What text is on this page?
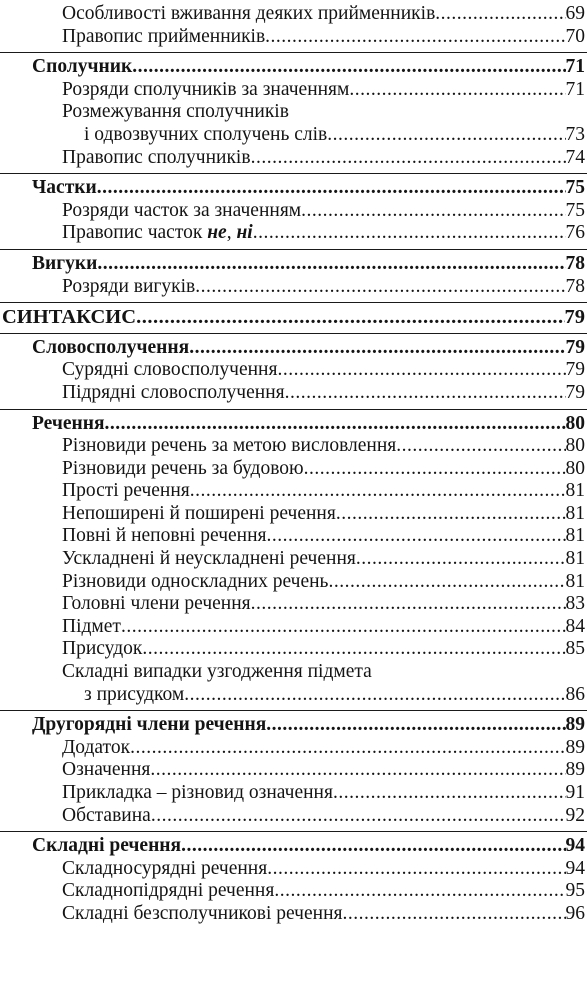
Особливості вживання деяких прийменників .....	69
Правопис прийменників .....	70
Сполучник .....	71
Розряди сполучників за значенням .....	71
Розмежування сполучників
і одвозвучних сполучень слів .....	73
Правопис сполучників .....	74
Частки .....	75
Розряди часток за значенням .....	75
Правопис часток не, ні .....	76
Вигуки .....	78
Розряди вигуків .....	78
СИНТАКСИС .....	79
Словосполучення .....	79
Сурядні словосполучення .....	79
Підрядні словосполучення .....	79
Речення .....	80
Різновиди речень за метою висловлення .....	80
Різновиди речень за будовою .....	80
Прості речення .....	81
Непоширені й поширені речення .....	81
Повні й неповні речення .....	81
Ускладнені й неускладнені речення .....	81
Різновиди односкладних речень .....	81
Головні члени речення .....	83
Підмет .....	84
Присудок .....	85
Складні випадки узгодження підмета
з присудком .....	86
Другорядні члени речення .....	89
Додаток .....	89
Означення .....	89
Прикладка – різновид означення .....	91
Обставина .....	92
Складні речення .....	94
Складносурядні речення .....	94
Складнопідрядні речення .....	95
Складні безсполучникові речення .....	96
